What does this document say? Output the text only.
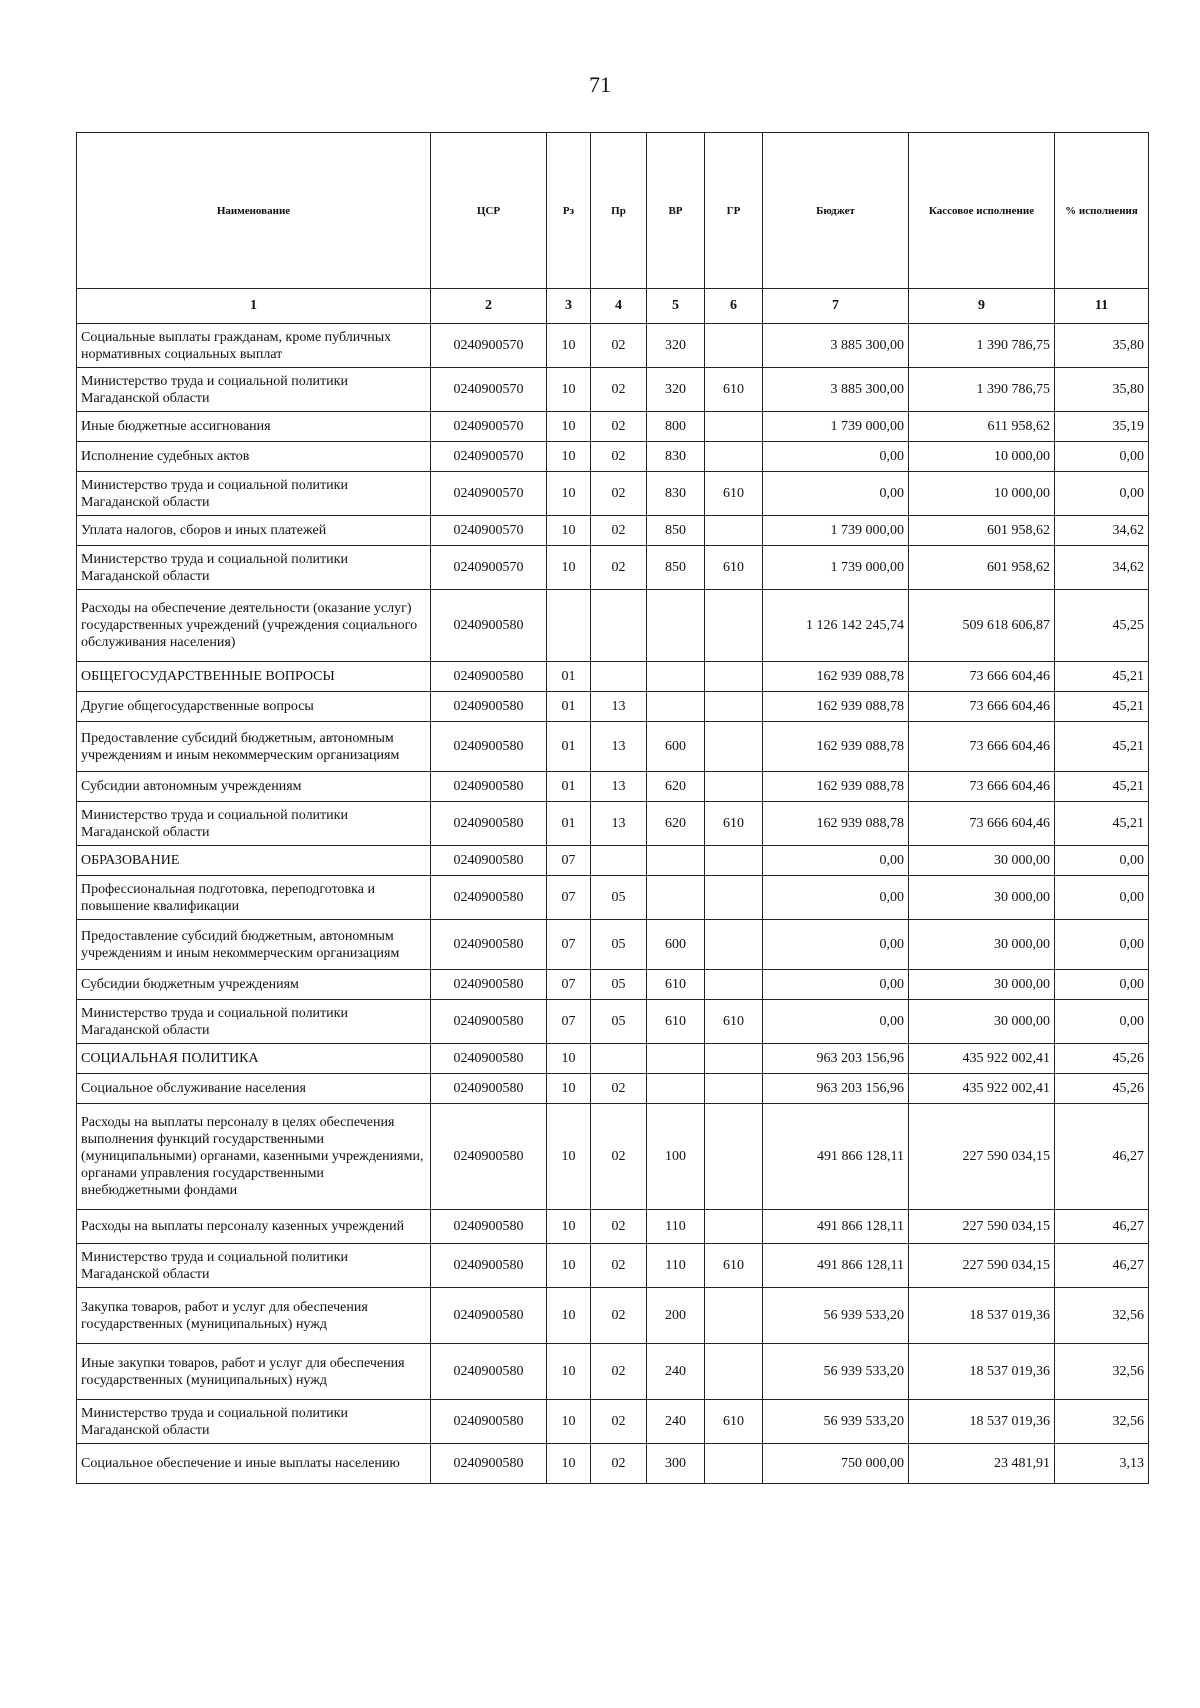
71
Наименование	ЦСР	Рз	Пр	ВР	ГР	Бюджет	Кассовое исполнение	% исполнения
1	2	3	4	5	6	7	9	11
Социальные выплаты гражданам, кроме публичных нормативных социальных выплат	0240900570	10	02	320		3 885 300,00	1 390 786,75	35,80
Министерство труда и социальной политики Магаданской области	0240900570	10	02	320	610	3 885 300,00	1 390 786,75	35,80
Иные бюджетные ассигнования	0240900570	10	02	800		1 739 000,00	611 958,62	35,19
Исполнение судебных актов	0240900570	10	02	830		0,00	10 000,00	0,00
Министерство труда и социальной политики Магаданской области	0240900570	10	02	830	610	0,00	10 000,00	0,00
Уплата налогов, сборов и иных платежей	0240900570	10	02	850		1 739 000,00	601 958,62	34,62
Министерство труда и социальной политики Магаданской области	0240900570	10	02	850	610	1 739 000,00	601 958,62	34,62
Расходы на обеспечение деятельности (оказание услуг) государственных учреждений (учреждения социального обслуживания населения)	0240900580					1 126 142 245,74	509 618 606,87	45,25
ОБЩЕГОСУДАРСТВЕННЫЕ ВОПРОСЫ	0240900580	01				162 939 088,78	73 666 604,46	45,21
Другие общегосударственные вопросы	0240900580	01	13			162 939 088,78	73 666 604,46	45,21
Предоставление субсидий бюджетным, автономным учреждениям и иным некоммерческим организациям	0240900580	01	13	600		162 939 088,78	73 666 604,46	45,21
Субсидии автономным учреждениям	0240900580	01	13	620		162 939 088,78	73 666 604,46	45,21
Министерство труда и социальной политики Магаданской области	0240900580	01	13	620	610	162 939 088,78	73 666 604,46	45,21
ОБРАЗОВАНИЕ	0240900580	07				0,00	30 000,00	0,00
Профессиональная подготовка, переподготовка и повышение квалификации	0240900580	07	05			0,00	30 000,00	0,00
Предоставление субсидий бюджетным, автономным учреждениям и иным некоммерческим организациям	0240900580	07	05	600		0,00	30 000,00	0,00
Субсидии бюджетным учреждениям	0240900580	07	05	610		0,00	30 000,00	0,00
Министерство труда и социальной политики Магаданской области	0240900580	07	05	610	610	0,00	30 000,00	0,00
СОЦИАЛЬНАЯ ПОЛИТИКА	0240900580	10				963 203 156,96	435 922 002,41	45,26
Социальное обслуживание населения	0240900580	10	02			963 203 156,96	435 922 002,41	45,26
Расходы на выплаты персоналу в целях обеспечения выполнения функций государственными (муниципальными) органами, казенными учреждениями, органами управления государственными внебюджетными фондами	0240900580	10	02	100		491 866 128,11	227 590 034,15	46,27
Расходы на выплаты персоналу казенных учреждений	0240900580	10	02	110		491 866 128,11	227 590 034,15	46,27
Министерство труда и социальной политики Магаданской области	0240900580	10	02	110	610	491 866 128,11	227 590 034,15	46,27
Закупка товаров, работ и услуг для обеспечения государственных (муниципальных) нужд	0240900580	10	02	200		56 939 533,20	18 537 019,36	32,56
Иные закупки товаров, работ и услуг для обеспечения государственных (муниципальных) нужд	0240900580	10	02	240		56 939 533,20	18 537 019,36	32,56
Министерство труда и социальной политики Магаданской области	0240900580	10	02	240	610	56 939 533,20	18 537 019,36	32,56
Социальное обеспечение и иные выплаты населению	0240900580	10	02	300		750 000,00	23 481,91	3,13
